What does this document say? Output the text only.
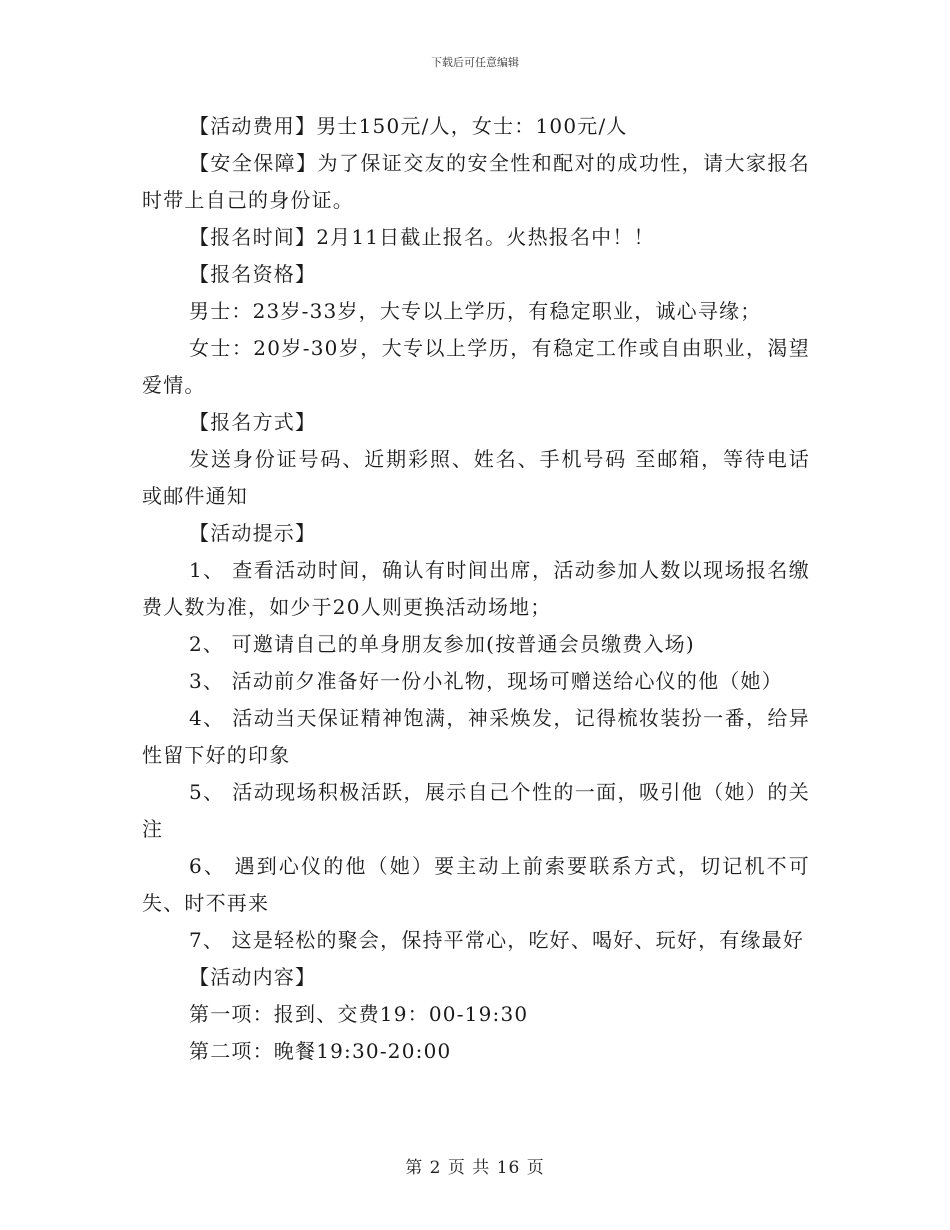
下载后可任意编辑

【活动费用】男士150元/人，女士：100元/人

【安全保障】为了保证交友的安全性和配对的成功性，请大家报名时带上自己的身份证。

【报名时间】2月11日截止报名。火热报名中！！

【报名资格】

男士：23岁-33岁，大专以上学历，有稳定职业，诚心寻缘；

女士：20岁-30岁，大专以上学历，有稳定工作或自由职业，渴望爱情。

【报名方式】

发送身份证号码、近期彩照、姓名、手机号码 至邮箱，等待电话或邮件通知

【活动提示】

1、 查看活动时间，确认有时间出席，活动参加人数以现场报名缴费人数为准，如少于20人则更换活动场地；

2、 可邀请自己的单身朋友参加(按普通会员缴费入场)

3、 活动前夕准备好一份小礼物，现场可赠送给心仪的他（她）

4、 活动当天保证精神饱满，神采焕发，记得梳妆装扮一番，给异性留下好的印象

5、 活动现场积极活跃，展示自己个性的一面，吸引他（她）的关注

6、 遇到心仪的他（她）要主动上前索要联系方式，切记机不可失、时不再来

7、 这是轻松的聚会，保持平常心，吃好、喝好、玩好，有缘最好

【活动内容】

第一项：报到、交费19：00-19:30

第二项：晚餐19:30-20:00

第 2 页 共 16 页
